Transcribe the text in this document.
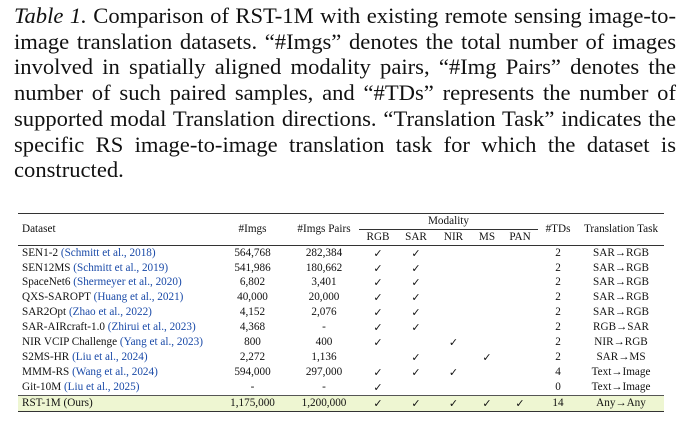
Table 1. Comparison of RST-1M with existing remote sensing image-to-image translation datasets. “#Imgs” denotes the total number of images involved in spatially aligned modality pairs, “#Img Pairs” denotes the number of such paired samples, and “#TDs” represents the number of supported modal Translation directions. “Translation Task” indicates the specific RS image-to-image translation task for which the dataset is constructed.
Dataset	#Imgs	#Imgs Pairs	Modality					#TDs	Translation Task
			RGB	SAR	NIR	MS	PAN		
SEN1-2 (Schmitt et al., 2018)	564,768	282,384	✓	✓				2	SAR→RGB
SEN12MS (Schmitt et al., 2019)	541,986	180,662	✓	✓				2	SAR→RGB
SpaceNet6 (Shermeyer et al., 2020)	6,802	3,401	✓	✓				2	SAR→RGB
QXS-SAROPT (Huang et al., 2021)	40,000	20,000	✓	✓				2	SAR→RGB
SAR2Opt (Zhao et al., 2022)	4,152	2,076	✓	✓				2	SAR→RGB
SAR-AIRcraft-1.0 (Zhirui et al., 2023)	4,368	-	✓	✓				2	RGB→SAR
NIR VCIP Challenge (Yang et al., 2023)	800	400	✓		✓			2	NIR→RGB
S2MS-HR (Liu et al., 2024)	2,272	1,136		✓		✓		2	SAR→MS
MMM-RS (Wang et al., 2024)	594,000	297,000	✓	✓	✓			4	Text→Image
Git-10M (Liu et al., 2025)	-	-	✓					0	Text→Image
RST-1M (Ours)	1,175,000	1,200,000	✓	✓	✓	✓	✓	14	Any→Any
